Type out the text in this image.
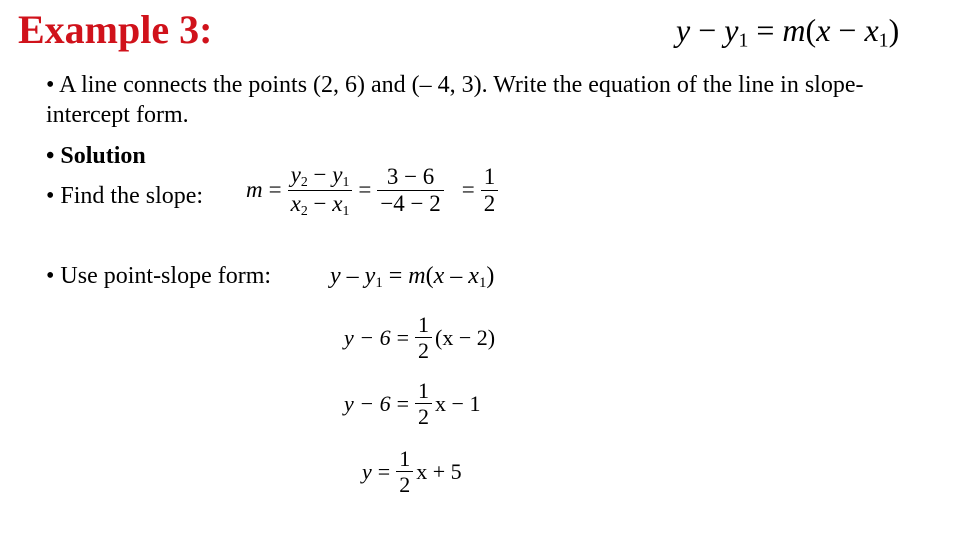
Example 3:	$y - y_1 = m(x - x_1)$
• A line connects the points (2, 6) and (– 4, 3). Write the equation of the line in slope-intercept form.
• Solution
• Find the slope: $m = \frac{y2 - y1}{x2 - x1} = \frac{3 - 6}{-4 - 2} = \frac{1}{2}$
• Use point-slope form: $y - y_1 = m(x - x_1)$
$y - 6 = \frac{1}{2} (x - 2)$
$y - 6 = \frac{1}{2}$ x − 1
$y = \frac{1}{2}$ x + 5
